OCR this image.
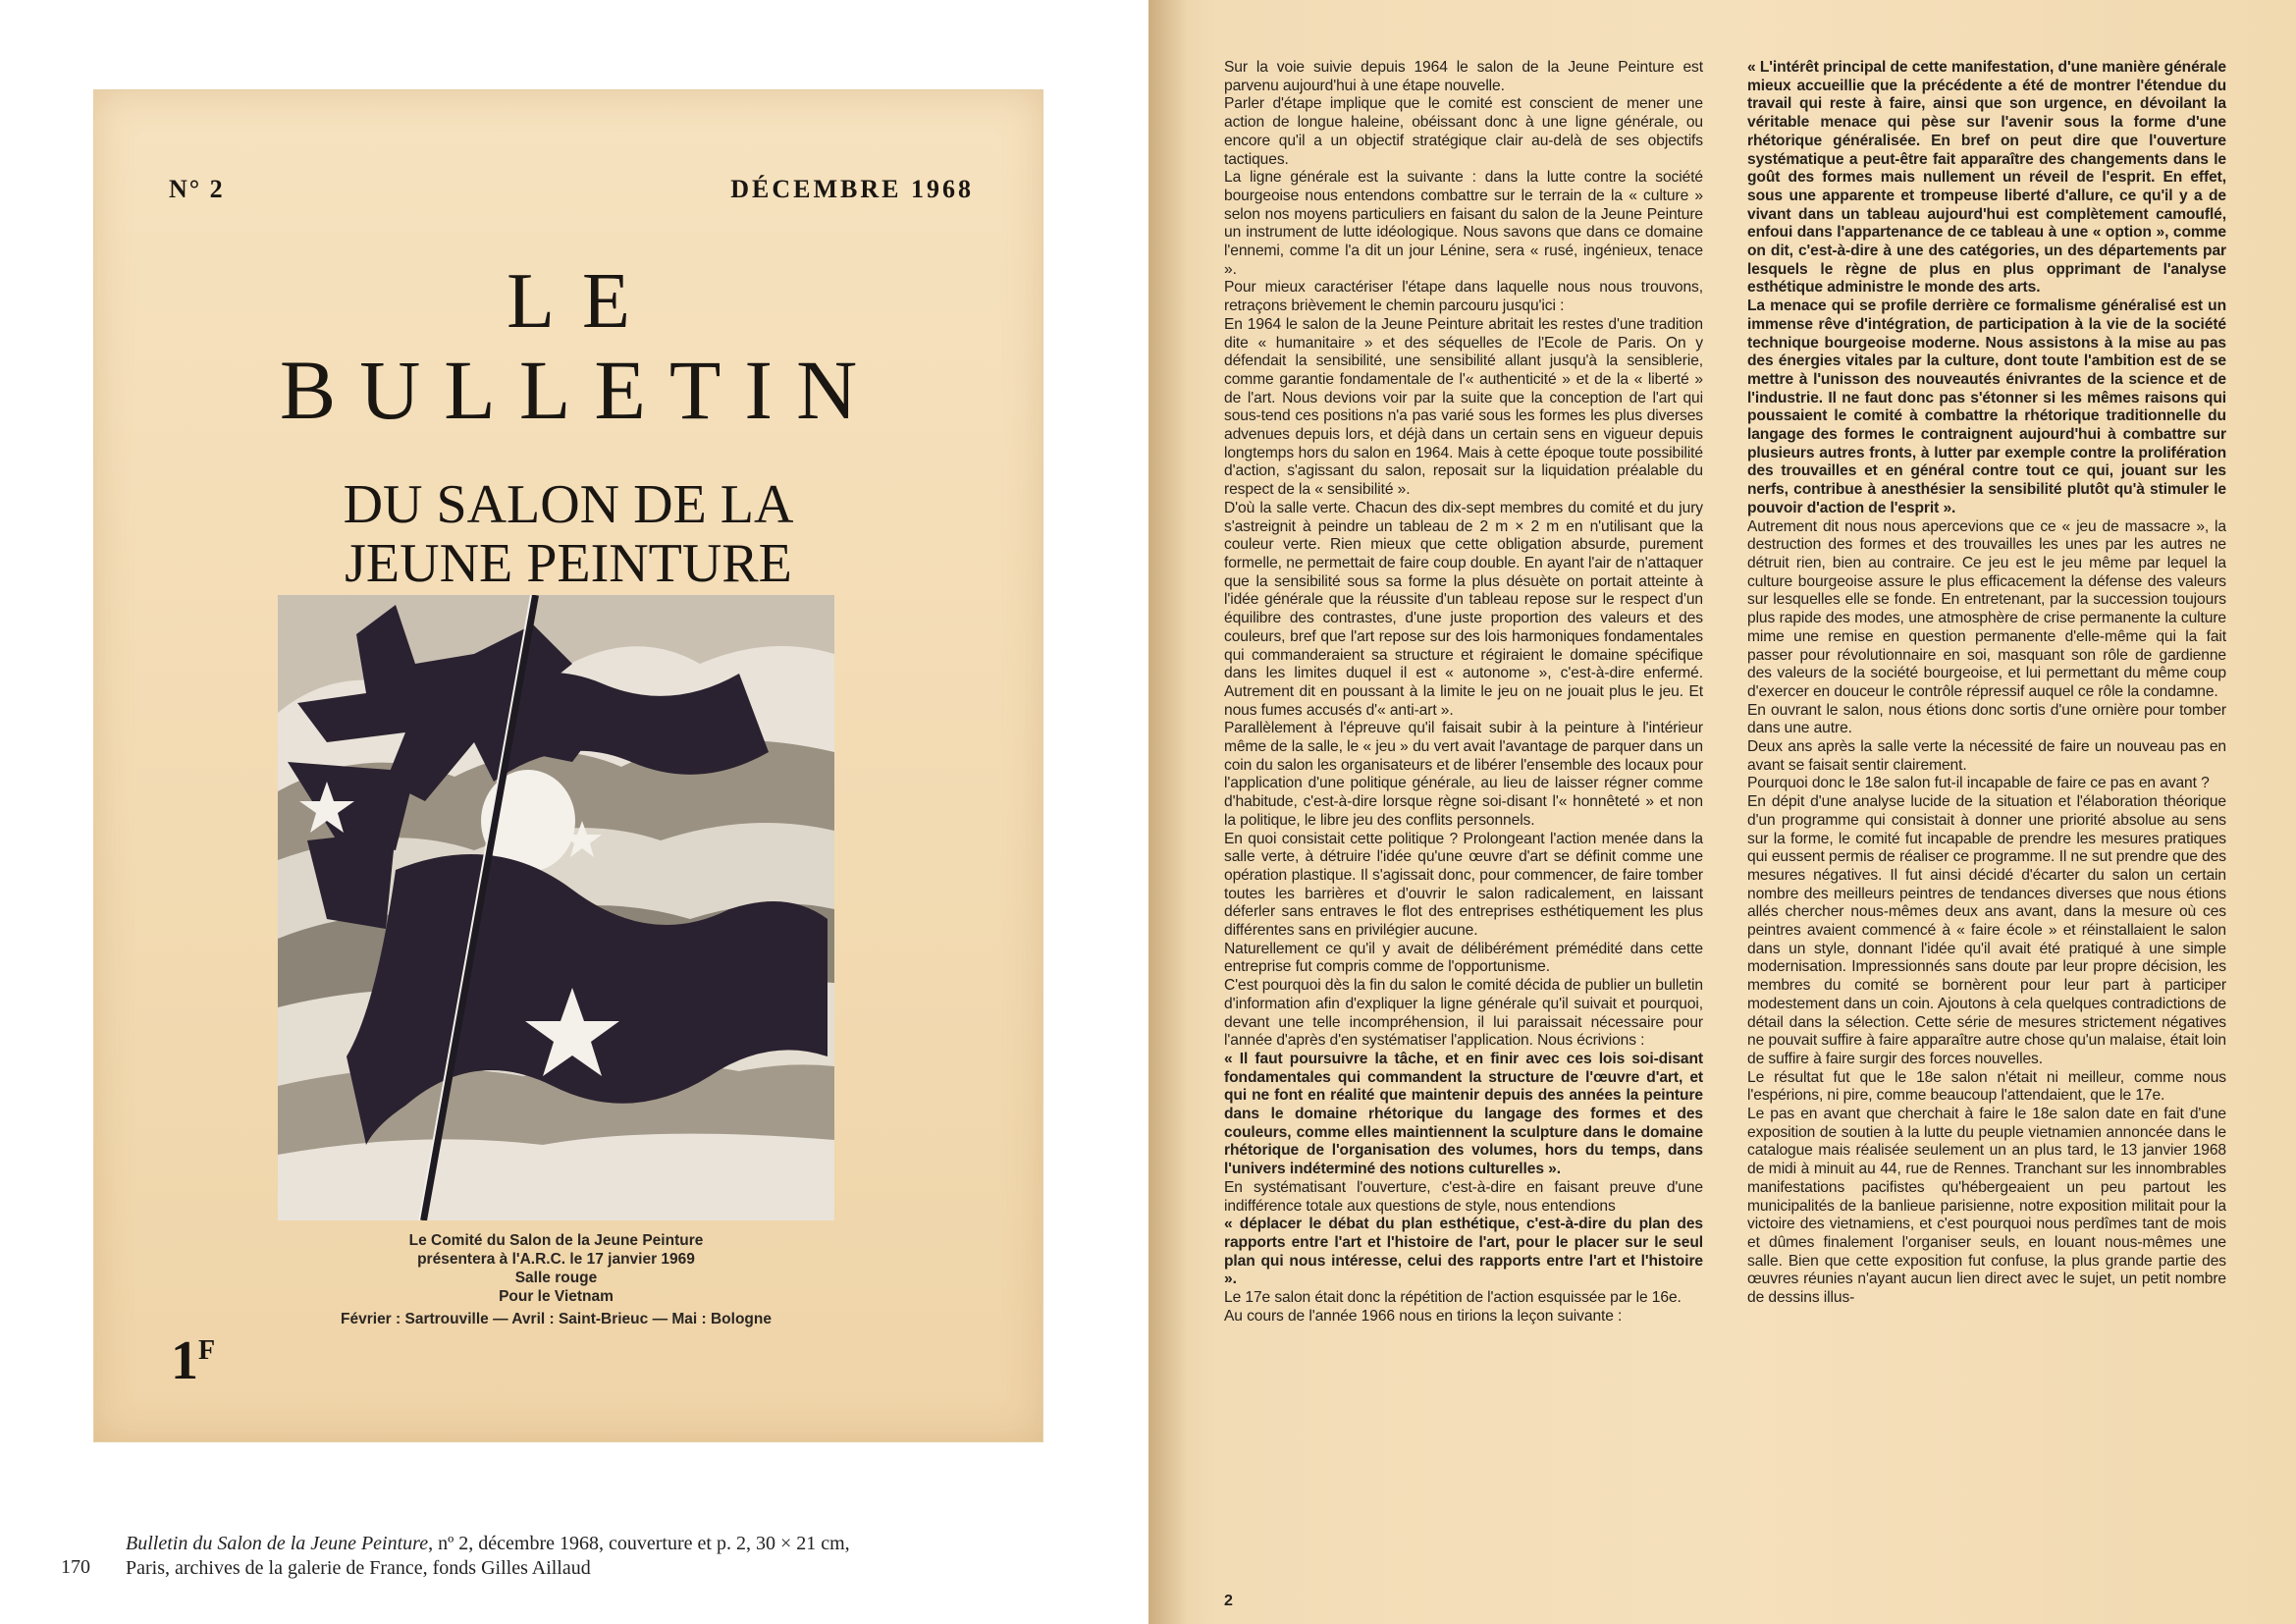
N° 2	DÉCEMBRE 1968
LE
BULLETIN
DU SALON DE LA
JEUNE PEINTURE
Le Comité du Salon de la Jeune Peinture
présentera à l'A.R.C. le 17 janvier 1969
Salle rouge
Pour le Vietnam
Février : Sartrouville — Avril : Saint-Brieuc — Mai : Bologne
$1^F$
170
Bulletin du Salon de la Jeune Peinture, nº 2, décembre 1968, couverture et p. 2, 30 × 21 cm,
Paris, archives de la galerie de France, fonds Gilles Aillaud

Sur la voie suivie depuis 1964 le salon de la Jeune Peinture est parvenu aujourd'hui à une étape nouvelle.

Parler d'étape implique que le comité est conscient de mener une action de longue haleine, obéissant donc à une ligne générale, ou encore qu'il a un objectif stratégique clair au-delà de ses objectifs tactiques.

La ligne générale est la suivante : dans la lutte contre la société bourgeoise nous entendons combattre sur le terrain de la « culture » selon nos moyens particuliers en faisant du salon de la Jeune Peinture un instrument de lutte idéologique. Nous savons que dans ce domaine l'ennemi, comme l'a dit un jour Lénine, sera « rusé, ingénieux, tenace ».

Pour mieux caractériser l'étape dans laquelle nous nous trouvons, retraçons brièvement le chemin parcouru jusqu'ici :

En 1964 le salon de la Jeune Peinture abritait les restes d'une tradition dite « humanitaire » et des séquelles de l'Ecole de Paris. On y défendait la sensibilité, une sensibilité allant jusqu'à la sensiblerie, comme garantie fondamentale de l'« authenticité » et de la « liberté » de l'art. Nous devions voir par la suite que la conception de l'art qui sous-tend ces positions n'a pas varié sous les formes les plus diverses advenues depuis lors, et déjà dans un certain sens en vigueur depuis longtemps hors du salon en 1964. Mais à cette époque toute possibilité d'action, s'agissant du salon, reposait sur la liquidation préalable du respect de la « sensibilité ».

D'où la salle verte. Chacun des dix-sept membres du comité et du jury s'astreignit à peindre un tableau de 2 m × 2 m en n'utilisant que la couleur verte. Rien mieux que cette obligation absurde, purement formelle, ne permettait de faire coup double. En ayant l'air de n'attaquer que la sensibilité sous sa forme la plus désuète on portait atteinte à l'idée générale que la réussite d'un tableau repose sur le respect d'un équilibre des contrastes, d'une juste proportion des valeurs et des couleurs, bref que l'art repose sur des lois harmoniques fondamentales qui commanderaient sa structure et régiraient le domaine spécifique dans les limites duquel il est « autonome », c'est-à-dire enfermé. Autrement dit en poussant à la limite le jeu on ne jouait plus le jeu. Et nous fumes accusés d'« anti-art ».

Parallèlement à l'épreuve qu'il faisait subir à la peinture à l'intérieur même de la salle, le « jeu » du vert avait l'avantage de parquer dans un coin du salon les organisateurs et de libérer l'ensemble des locaux pour l'application d'une politique générale, au lieu de laisser régner comme d'habitude, c'est-à-dire lorsque règne soi-disant l'« honnêteté » et non la politique, le libre jeu des conflits personnels.

En quoi consistait cette politique ? Prolongeant l'action menée dans la salle verte, à détruire l'idée qu'une œuvre d'art se définit comme une opération plastique. Il s'agissait donc, pour commencer, de faire tomber toutes les barrières et d'ouvrir le salon radicalement, en laissant déferler sans entraves le flot des entreprises esthétiquement les plus différentes sans en privilégier aucune.

Naturellement ce qu'il y avait de délibérément prémédité dans cette entreprise fut compris comme de l'opportunisme.

C'est pourquoi dès la fin du salon le comité décida de publier un bulletin d'information afin d'expliquer la ligne générale qu'il suivait et pourquoi, devant une telle incompréhension, il lui paraissait nécessaire pour l'année d'après d'en systématiser l'application. Nous écrivions :

« Il faut poursuivre la tâche, et en finir avec ces lois soi-disant fondamentales qui commandent la structure de l'œuvre d'art, et qui ne font en réalité que maintenir depuis des années la peinture dans le domaine rhétorique du langage des formes et des couleurs, comme elles maintiennent la sculpture dans le domaine rhétorique de l'organisation des volumes, hors du temps, dans l'univers indéterminé des notions culturelles ».

En systématisant l'ouverture, c'est-à-dire en faisant preuve d'une indifférence totale aux questions de style, nous entendions

« déplacer le débat du plan esthétique, c'est-à-dire du plan des rapports entre l'art et l'histoire de l'art, pour le placer sur le seul plan qui nous intéresse, celui des rapports entre l'art et l'histoire ».

Le 17e salon était donc la répétition de l'action esquissée par le 16e.

Au cours de l'année 1966 nous en tirions la leçon suivante :

« L'intérêt principal de cette manifestation, d'une manière générale mieux accueillie que la précédente a été de montrer l'étendue du travail qui reste à faire, ainsi que son urgence, en dévoilant la véritable menace qui pèse sur l'avenir sous la forme d'une rhétorique généralisée. En bref on peut dire que l'ouverture systématique a peut-être fait apparaître des changements dans le goût des formes mais nullement un réveil de l'esprit. En effet, sous une apparente et trompeuse liberté d'allure, ce qu'il y a de vivant dans un tableau aujourd'hui est complètement camouflé, enfoui dans l'appartenance de ce tableau à une « option », comme on dit, c'est-à-dire à une des catégories, un des départements par lesquels le règne de plus en plus opprimant de l'analyse esthétique administre le monde des arts.

La menace qui se profile derrière ce formalisme généralisé est un immense rêve d'intégration, de participation à la vie de la société technique bourgeoise moderne. Nous assistons à la mise au pas des énergies vitales par la culture, dont toute l'ambition est de se mettre à l'unisson des nouveautés énivrantes de la science et de l'industrie. Il ne faut donc pas s'étonner si les mêmes raisons qui poussaient le comité à combattre la rhétorique traditionnelle du langage des formes le contraignent aujourd'hui à combattre sur plusieurs autres fronts, à lutter par exemple contre la prolifération des trouvailles et en général contre tout ce qui, jouant sur les nerfs, contribue à anesthésier la sensibilité plutôt qu'à stimuler le pouvoir d'action de l'esprit ».

Autrement dit nous nous apercevions que ce « jeu de massacre », la destruction des formes et des trouvailles les unes par les autres ne détruit rien, bien au contraire. Ce jeu est le jeu même par lequel la culture bourgeoise assure le plus efficacement la défense des valeurs sur lesquelles elle se fonde. En entretenant, par la succession toujours plus rapide des modes, une atmosphère de crise permanente la culture mime une remise en question permanente d'elle-même qui la fait passer pour révolutionnaire en soi, masquant son rôle de gardienne des valeurs de la société bourgeoise, et lui permettant du même coup d'exercer en douceur le contrôle répressif auquel ce rôle la condamne.

En ouvrant le salon, nous étions donc sortis d'une ornière pour tomber dans une autre.

Deux ans après la salle verte la nécessité de faire un nouveau pas en avant se faisait sentir clairement.

Pourquoi donc le 18e salon fut-il incapable de faire ce pas en avant ?

En dépit d'une analyse lucide de la situation et l'élaboration théorique d'un programme qui consistait à donner une priorité absolue au sens sur la forme, le comité fut incapable de prendre les mesures pratiques qui eussent permis de réaliser ce programme. Il ne sut prendre que des mesures négatives. Il fut ainsi décidé d'écarter du salon un certain nombre des meilleurs peintres de tendances diverses que nous étions allés chercher nous-mêmes deux ans avant, dans la mesure où ces peintres avaient commencé à « faire école » et réinstallaient le salon dans un style, donnant l'idée qu'il avait été pratiqué à une simple modernisation. Impressionnés sans doute par leur propre décision, les membres du comité se bornèrent pour leur part à participer modestement dans un coin. Ajoutons à cela quelques contradictions de détail dans la sélection. Cette série de mesures strictement négatives ne pouvait suffire à faire apparaître autre chose qu'un malaise, était loin de suffire à faire surgir des forces nouvelles.

Le résultat fut que le 18e salon n'était ni meilleur, comme nous l'espérions, ni pire, comme beaucoup l'attendaient, que le 17e.

Le pas en avant que cherchait à faire le 18e salon date en fait d'une exposition de soutien à la lutte du peuple vietnamien annoncée dans le catalogue mais réalisée seulement un an plus tard, le 13 janvier 1968 de midi à minuit au 44, rue de Rennes. Tranchant sur les innombrables manifestations pacifistes qu'hébergeaient un peu partout les municipalités de la banlieue parisienne, notre exposition militait pour la victoire des vietnamiens, et c'est pourquoi nous perdîmes tant de mois et dûmes finalement l'organiser seuls, en louant nous-mêmes une salle. Bien que cette exposition fut confuse, la plus grande partie des œuvres réunies n'ayant aucun lien direct avec le sujet, un petit nombre de dessins illus-

2
